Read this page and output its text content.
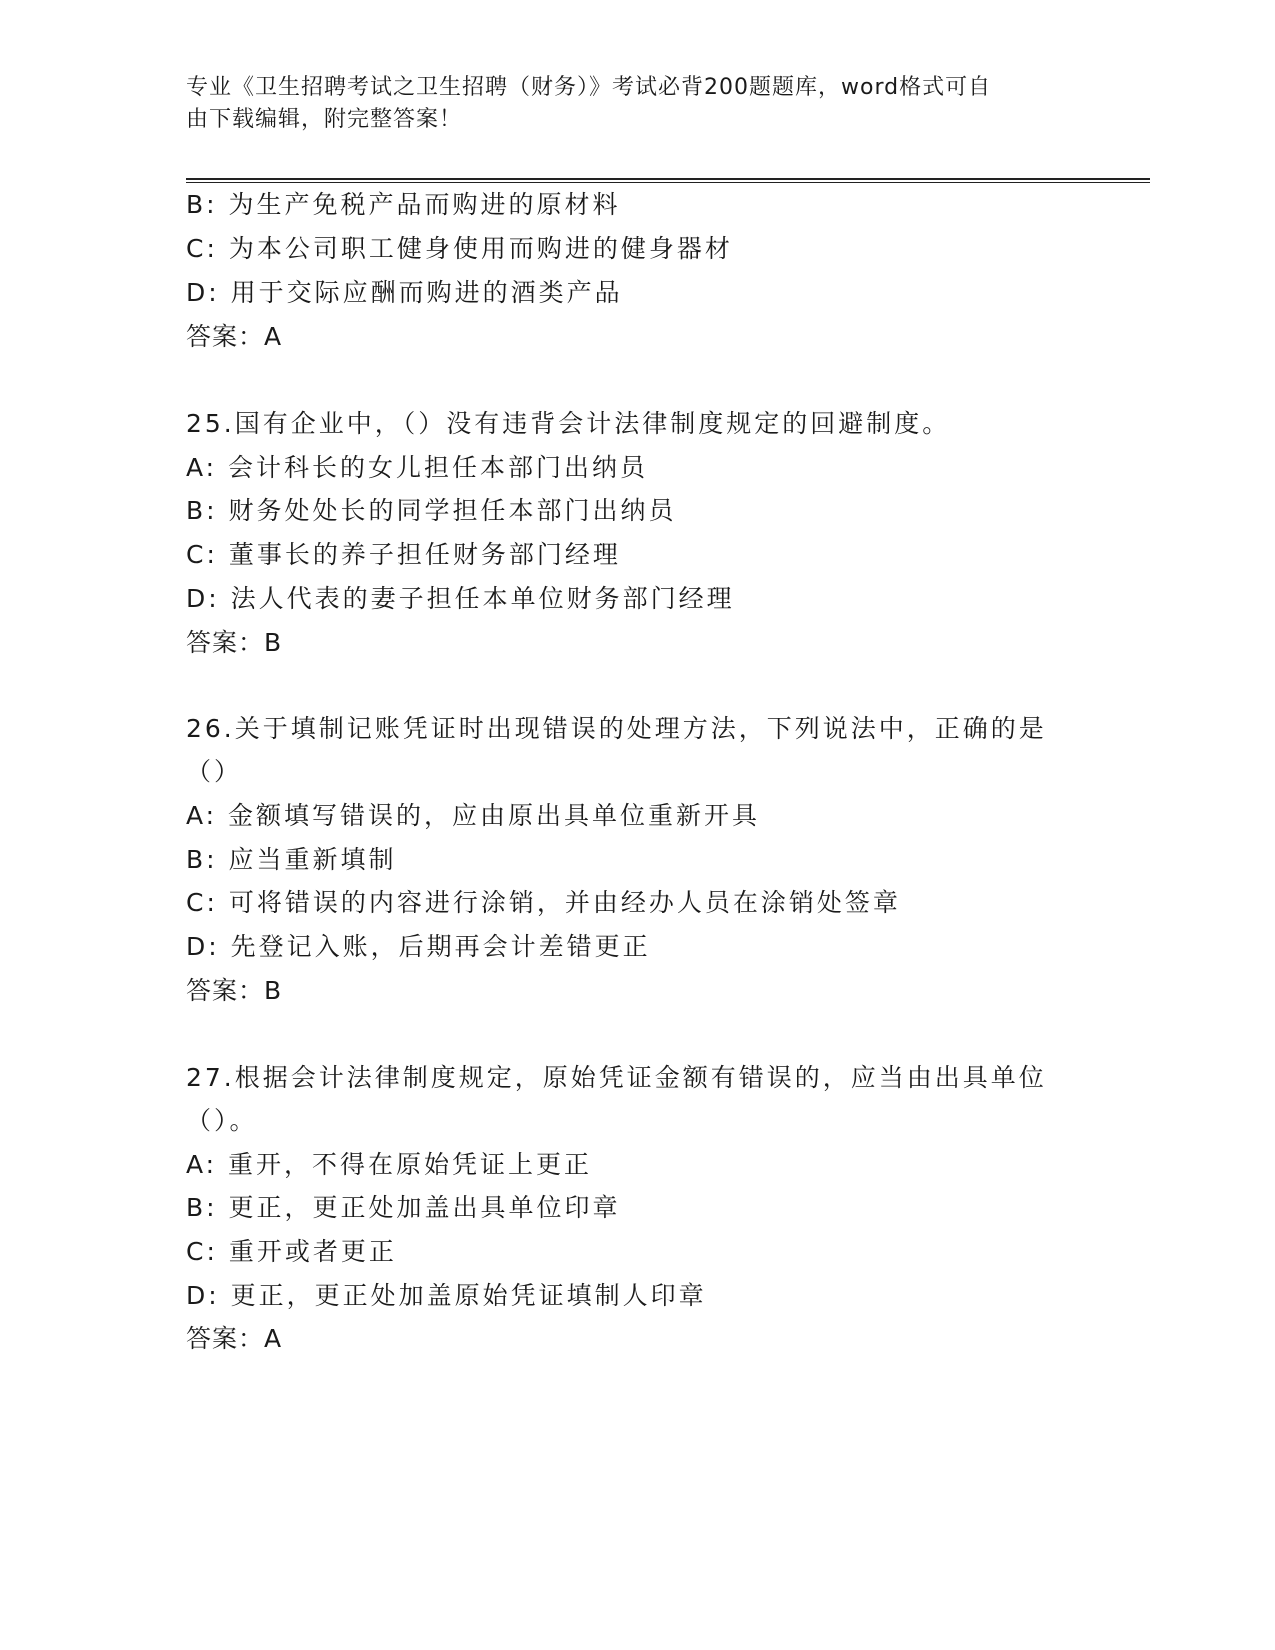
专业《卫生招聘考试之卫生招聘（财务）》考试必背200题题库，word格式可自
由下载编辑，附完整答案！
B: 为生产免税产品而购进的原材料
C: 为本公司职工健身使用而购进的健身器材
D: 用于交际应酬而购进的酒类产品
答案：A
25.国有企业中，（）没有违背会计法律制度规定的回避制度。
A: 会计科长的女儿担任本部门出纳员
B: 财务处处长的同学担任本部门出纳员
C: 董事长的养子担任财务部门经理
D: 法人代表的妻子担任本单位财务部门经理
答案：B
26.关于填制记账凭证时出现错误的处理方法，下列说法中，正确的是
（）
A: 金额填写错误的，应由原出具单位重新开具
B: 应当重新填制
C: 可将错误的内容进行涂销，并由经办人员在涂销处签章
D: 先登记入账，后期再会计差错更正
答案：B
27.根据会计法律制度规定，原始凭证金额有错误的，应当由出具单位
（）。
A: 重开，不得在原始凭证上更正
B: 更正，更正处加盖出具单位印章
C: 重开或者更正
D: 更正，更正处加盖原始凭证填制人印章
答案：A
